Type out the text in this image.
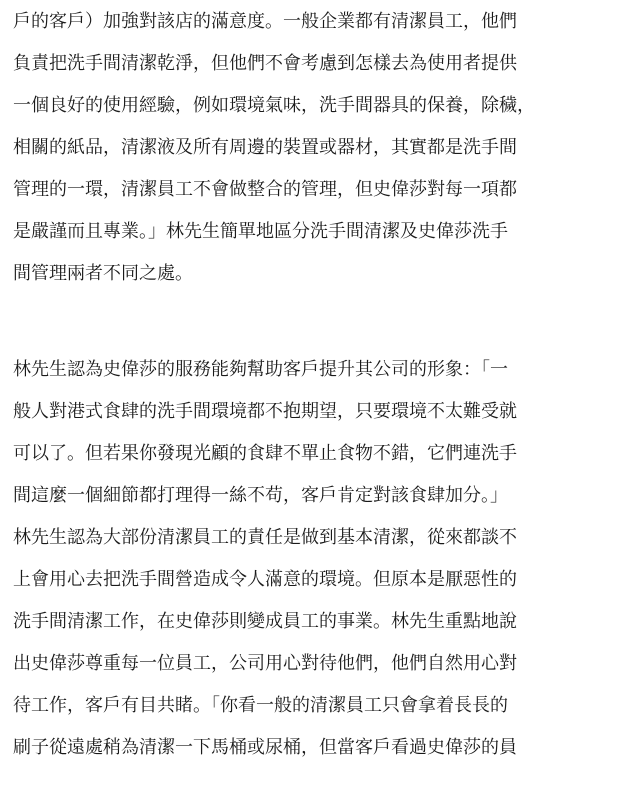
戶的客戶）加強對該店的滿意度。一般企業都有清潔員工，他們
負責把洗手間清潔乾淨，但他們不會考慮到怎樣去為使用者提供
一個良好的使用經驗，例如環境氣味，洗手間器具的保養，除穢，
相關的紙品，清潔液及所有周邊的裝置或器材，其實都是洗手間
管理的一環，清潔員工不會做整合的管理，但史偉莎對每一項都
是嚴謹而且專業。」林先生簡單地區分洗手間清潔及史偉莎洗手
間管理兩者不同之處。
林先生認為史偉莎的服務能夠幫助客戶提升其公司的形象：「一
般人對港式食肆的洗手間環境都不抱期望，只要環境不太難受就
可以了。但若果你發現光顧的食肆不單止食物不錯，它們連洗手
間這麼一個細節都打理得一絲不苟，客戶肯定對該食肆加分。」
林先生認為大部份清潔員工的責任是做到基本清潔，從來都談不
上會用心去把洗手間營造成令人滿意的環境。但原本是厭惡性的
洗手間清潔工作，在史偉莎則變成員工的事業。林先生重點地說
出史偉莎尊重每一位員工，公司用心對待他們，他們自然用心對
待工作，客戶有目共睹。「你看一般的清潔員工只會拿着長長的
刷子從遠處稍為清潔一下馬桶或尿桶，但當客戶看過史偉莎的員
